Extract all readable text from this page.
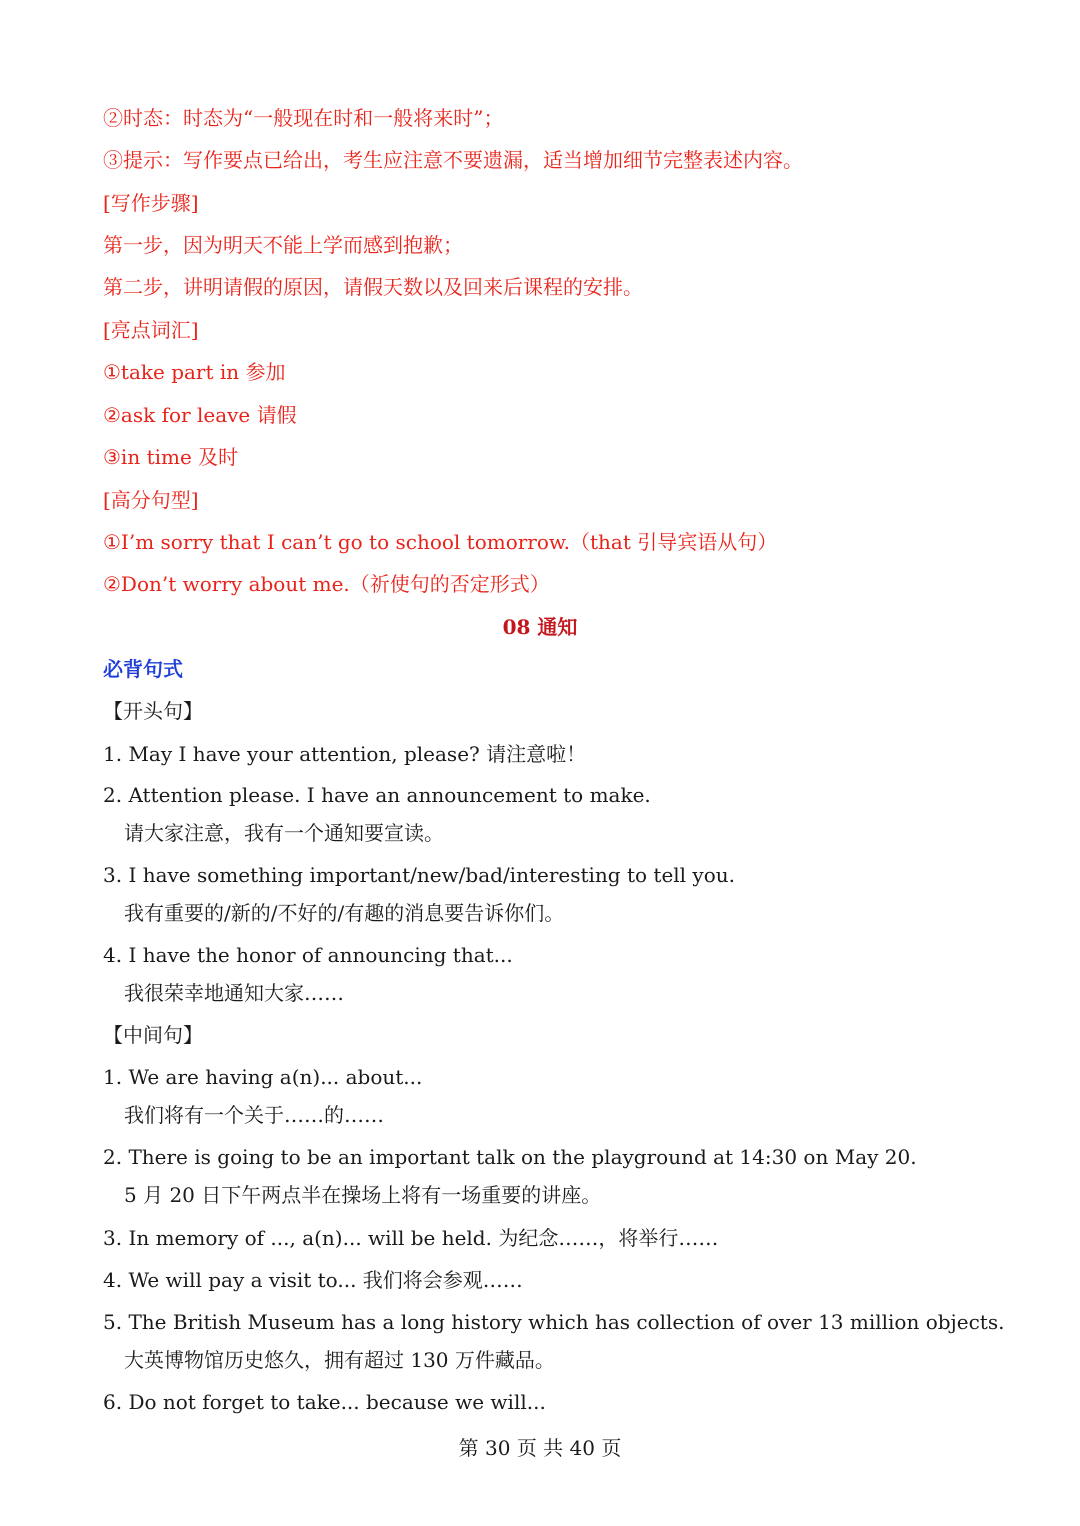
②时态：时态为“一般现在时和一般将来时”；
③提示：写作要点已给出，考生应注意不要遗漏，适当增加细节完整表述内容。
[写作步骤]
第一步，因为明天不能上学而感到抱歉；
第二步，讲明请假的原因，请假天数以及回来后课程的安排。
[亮点词汇]
①take part in 参加
②ask for leave 请假
③in time 及时
[高分句型]
①I’m sorry that I can’t go to school tomorrow.（that 引导宾语从句）
②Don’t worry about me.（祈使句的否定形式）
08 通知
必背句式
【开头句】
1. May I have your attention, please? 请注意啦！
2. Attention please. I have an announcement to make.
请大家注意，我有一个通知要宣读。
3. I have something important/new/bad/interesting to tell you.
我有重要的/新的/不好的/有趣的消息要告诉你们。
4. I have the honor of announcing that...
我很荣幸地通知大家……
【中间句】
1. We are having a(n)... about...
我们将有一个关于……的……
2. There is going to be an important talk on the playground at 14:30 on May 20.
5 月 20 日下午两点半在操场上将有一场重要的讲座。
3. In memory of ..., a(n)... will be held. 为纪念……，将举行……
4. We will pay a visit to... 我们将会参观……
5. The British Museum has a long history which has collection of over 13 million objects.
大英博物馆历史悠久，拥有超过 130 万件藏品。
6. Do not forget to take... because we will...
第 30 页 共 40 页
